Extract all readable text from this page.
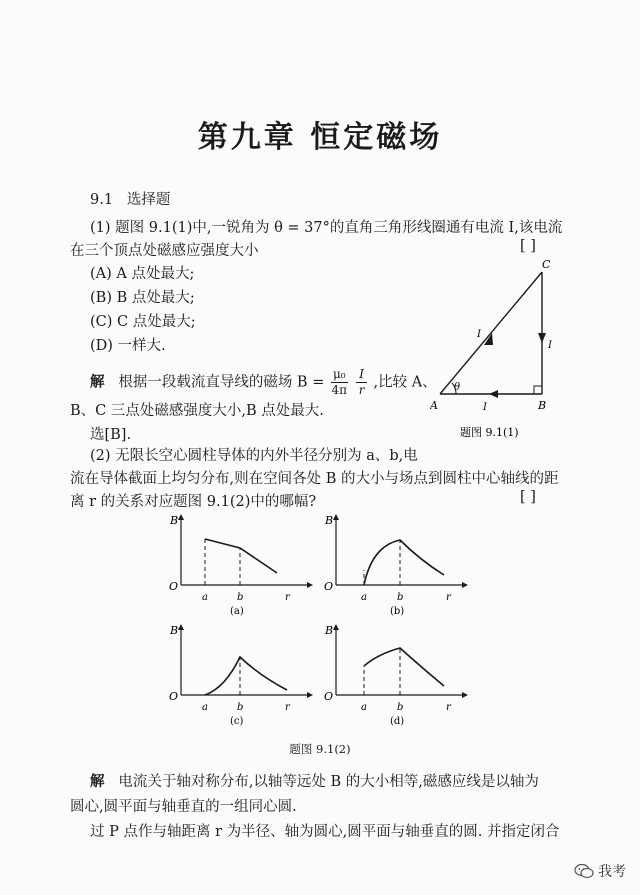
第九章 恒定磁场
9.1 选择题
(1) 题图 9.1(1)中,一锐角为 θ = 37°的直角三角形线圈通有电流 I,该电流
在三个顶点处磁感应强度大小	[ ]
(A) A 点处最大;
(B) B 点处最大;
(C) C 点处最大;
(D) 一样大.
解 根据一段载流直导线的磁场 $B = \frac{\text{μ₀}}{4\pi}$
$\frac{I}{r}$ ,比较 A、
B、C 三点处磁感强度大小,B 点处最大.
选[B].
A	B
C
θ
I
I
I
题图 9.1(1)
(2) 无限长空心圆柱导体的内外半径分别为 a、b,电
流在导体截面上均匀分布,则在空间各处 B 的大小与场点到圆柱中心轴线的距
离 r 的关系对应题图 9.1(2)中的哪幅?	[ ]
B
O
a	b	r
(a)
B
O
a	b	r
(b)
B
O
a	b	r
(c)
B
O
a	b	r
(d)
题图 9.1(2)
解 电流关于轴对称分布,以轴等远处 B 的大小相等,磁感应线是以轴为
圆心,圆平面与轴垂直的一组同心圆.
过 P 点作与轴距离 r 为半径、轴为圆心,圆平面与轴垂直的圆. 并指定闭合
我考
